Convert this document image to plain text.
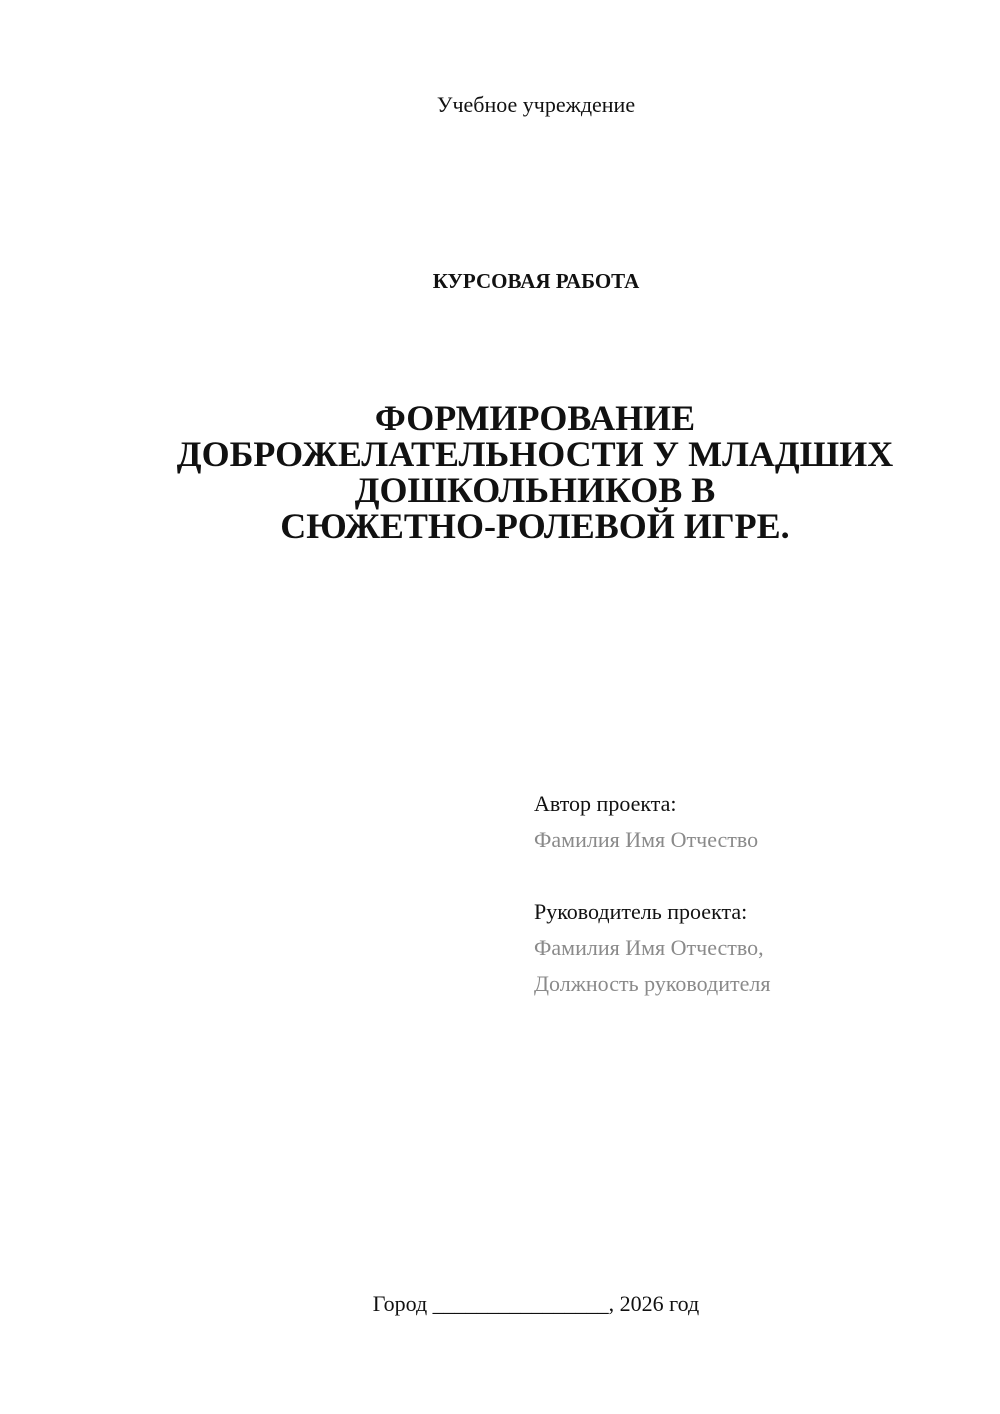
Учебное учреждение
КУРСОВАЯ РАБОТА
ФОРМИРОВАНИЕ
ДОБРОЖЕЛАТЕЛЬНОСТИ У МЛАДШИХ
ДОШКОЛЬНИКОВ В
СЮЖЕТНО-РОЛЕВОЙ ИГРЕ.
Автор проекта:
Фамилия Имя Отчество
Руководитель проекта:
Фамилия Имя Отчество,
Должность руководителя
Город ________________, 2026 год
